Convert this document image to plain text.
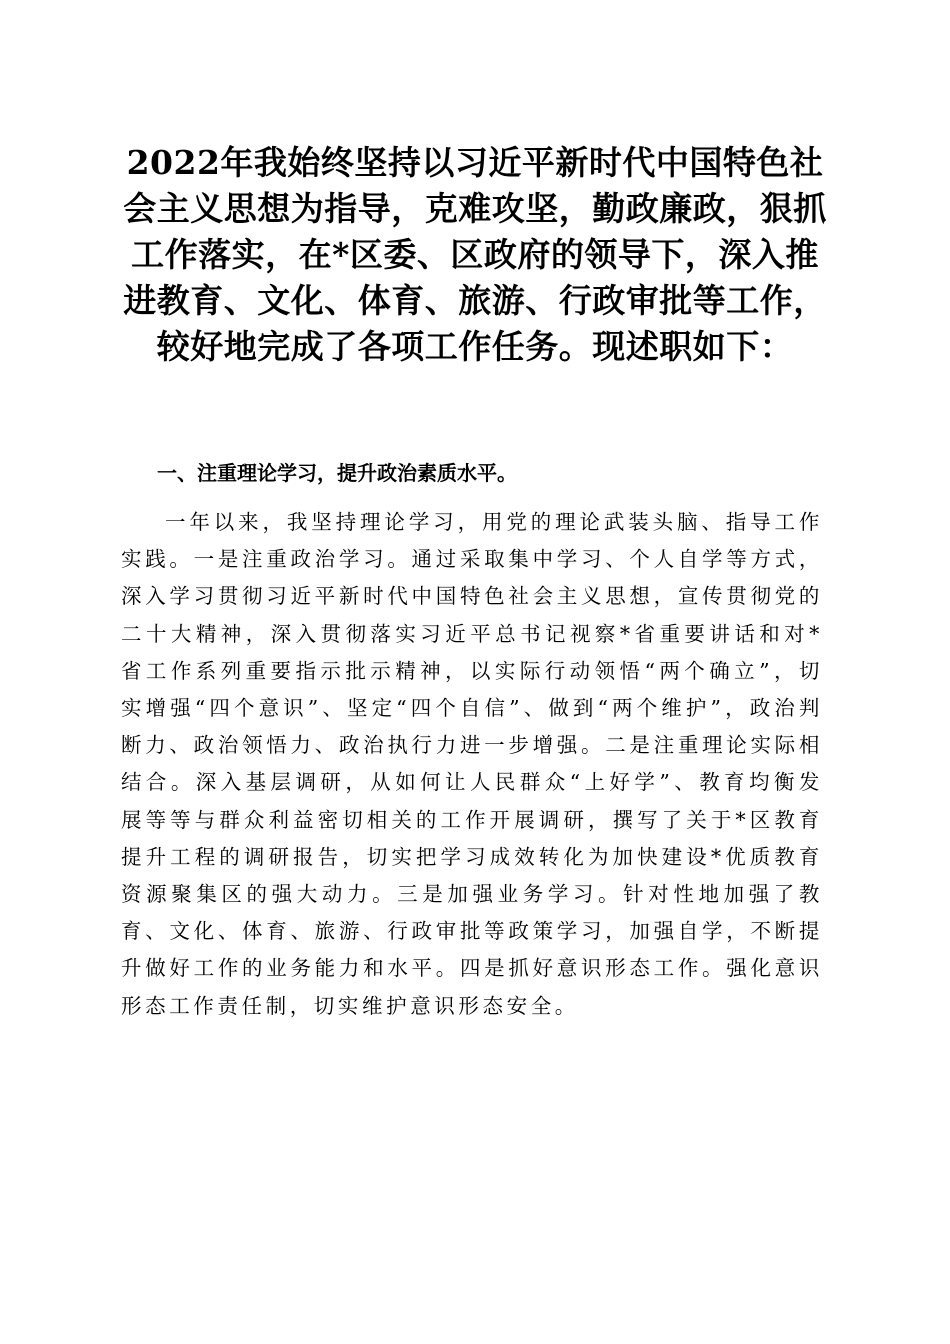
2022年我始终坚持以习近平新时代中国特色社会主义思想为指导，克难攻坚，勤政廉政，狠抓工作落实，在*区委、区政府的领导下，深入推进教育、文化、体育、旅游、行政审批等工作，较好地完成了各项工作任务。现述职如下：
一、注重理论学习，提升政治素质水平。

一年以来，我坚持理论学习，用党的理论武装头脑、指导工作实践。一是注重政治学习。通过采取集中学习、个人自学等方式，深入学习贯彻习近平新时代中国特色社会主义思想，宣传贯彻党的二十大精神，深入贯彻落实习近平总书记视察*省重要讲话和对*省工作系列重要指示批示精神，以实际行动领悟“两个确立”，切实增强“四个意识”、坚定“四个自信”、做到“两个维护”，政治判断力、政治领悟力、政治执行力进一步增强。二是注重理论实际相结合。深入基层调研，从如何让人民群众“上好学”、教育均衡发展等等与群众利益密切相关的工作开展调研，撰写了关于*区教育提升工程的调研报告，切实把学习成效转化为加快建设*优质教育资源聚集区的强大动力。三是加强业务学习。针对性地加强了教育、文化、体育、旅游、行政审批等政策学习，加强自学，不断提升做好工作的业务能力和水平。四是抓好意识形态工作。强化意识形态工作责任制，切实维护意识形态安全。
